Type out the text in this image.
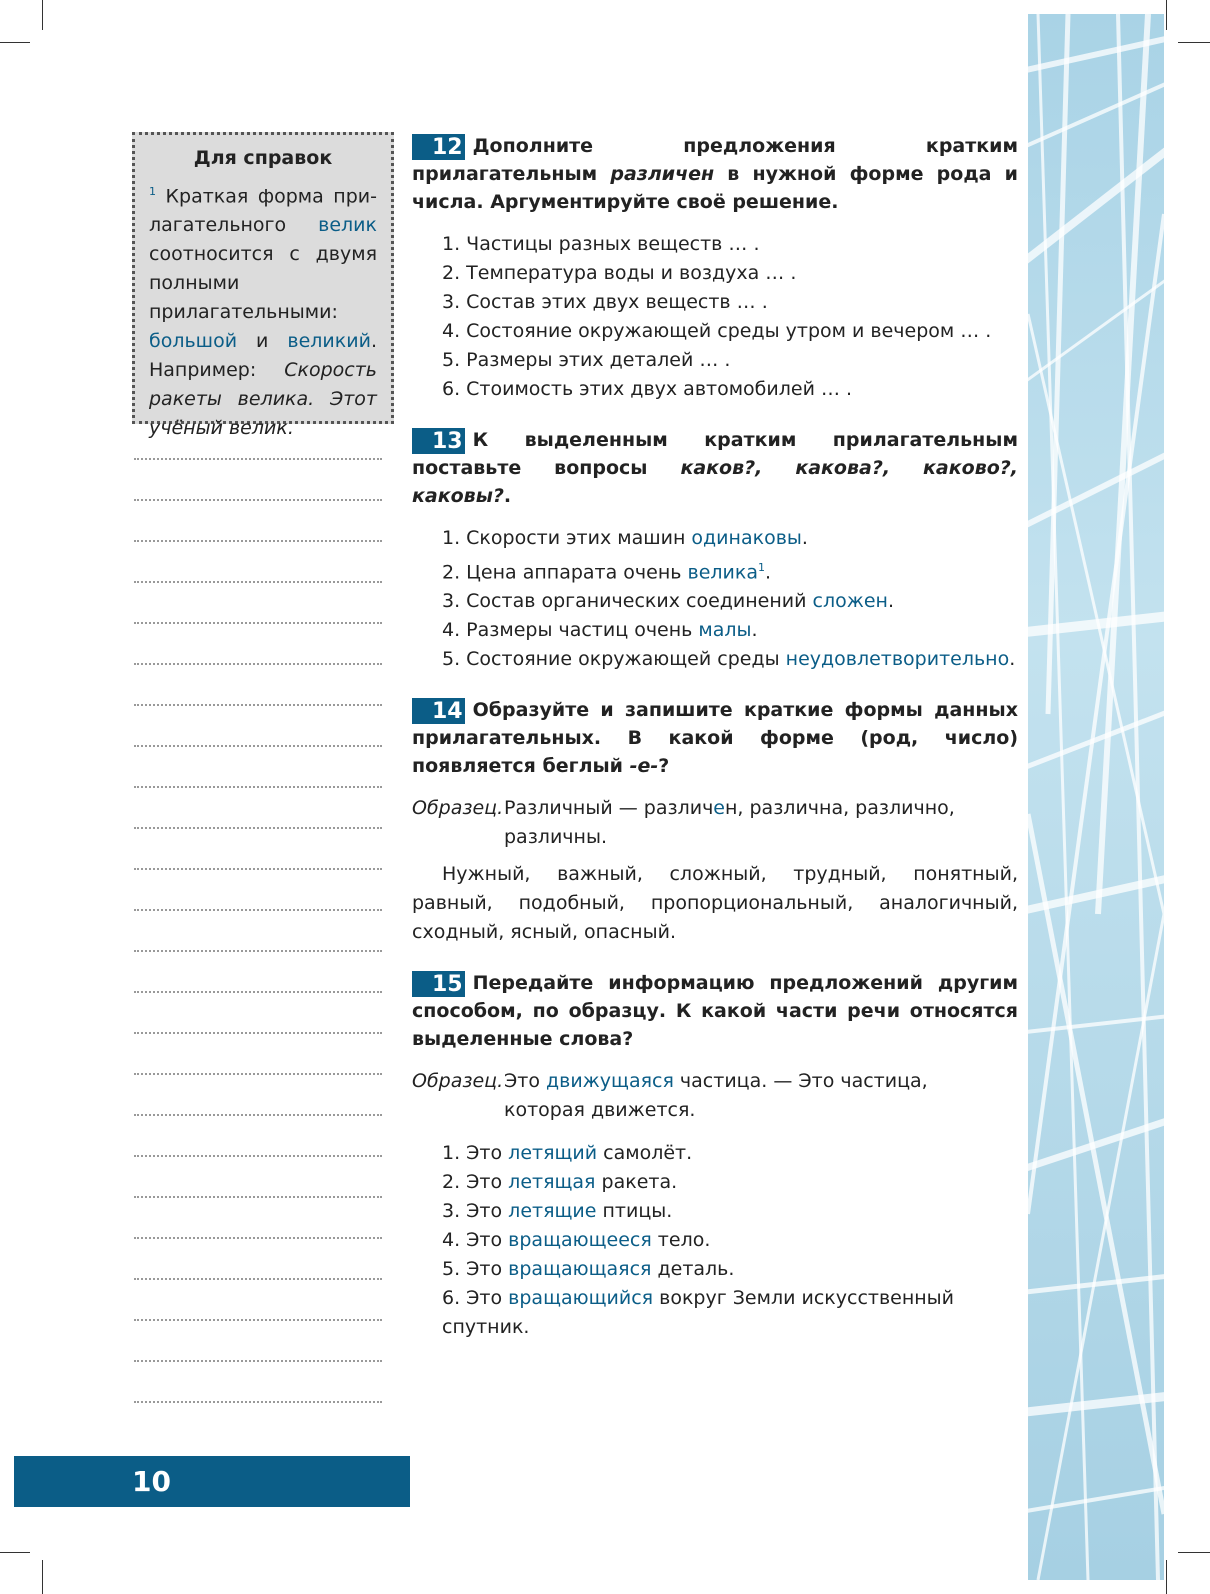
Для справок
$^1$ Краткая форма прилагательного велик соотносится с двумя полными прилагательными: большой и великий. Например: Скорость ракеты велика. Этот учёный велик.
12 Дополните предложения кратким прилагательным различен в нужной форме рода и числа. Аргументируйте своё решение.
1. Частицы разных веществ … .
2. Температура воды и воздуха … .
3. Состав этих двух веществ … .
4. Состояние окружающей среды утром и вечером … .
5. Размеры этих деталей … .
6. Стоимость этих двух автомобилей … .
13 К выделенным кратким прилагательным поставьте вопросы каков?, какова?, каково?, каковы?.
1. Скорости этих машин одинаковы.
2. Цена аппарата очень велика$^1$.
3. Состав органических соединений сложен.
4. Размеры частиц очень малы.
5. Состояние окружающей среды неудовлетворительно.
14 Образуйте и запишите краткие формы данных прилагательных. В какой форме (род, число) появляется беглый -е-?
Образец.Различный — различен, различна, различно, различны.
Нужный, важный, сложный, трудный, понятный, равный, подобный, пропорциональный, аналогичный, сходный, ясный, опасный.
15 Передайте информацию предложений другим способом, по образцу. К какой части речи относятся выделенные слова?
Образец.Это движущаяся частица. — Это частица, которая движется.
1. Это летящий самолёт.
2. Это летящая ракета.
3. Это летящие птицы.
4. Это вращающееся тело.
5. Это вращающаяся деталь.
6. Это вращающийся вокруг Земли искусственный спутник.
10
